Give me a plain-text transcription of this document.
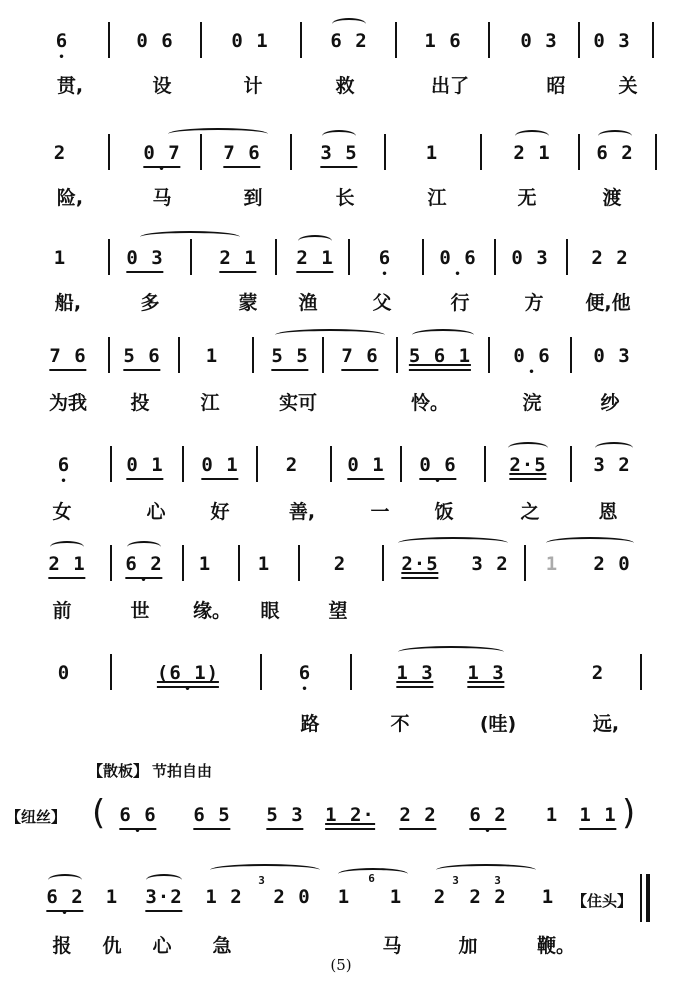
• 6	0 6	0 1	6 2	1 6	0 3 0 3
贯,	设	计	救	出了	昭	关
2	• 0 7 7 6	3 5	1	2 1 6 2
险,	马	到	长	江	无	渡
1	0 3	2 1 2 1 • 6	• 0 6 0 3 2 2
船,	多	蒙 渔	父	行	方 便,他
7 6 5 6 1	5 5 7 6 5 6 1 • 0 6 0 3
为我 投	江	实可	怜。	浣	纱
• 6	0 1 0 1 2	0 1 • 0 6	2·5 3 2
女	心 好	善,	一 饭	之	恩
2 1 • 6 2 1 1	2	2·5 3 2 1 2 0
前	世 缘。 眼	望
0	• (6 1)	• 6	1 3 1 3	2
路	不	(哇)	远,
【散板】 节拍自由
【纽丝】 ( • 6 6 6 5 5 3 1 2· 2 2 • 6 2 1 1 1 )
• 6 2 1 3·2 1 2
3
2 0 1
6
1 2
3
2 2
3
1 【住头】
报 仇 心 急	马	加	鞭。
(5)
